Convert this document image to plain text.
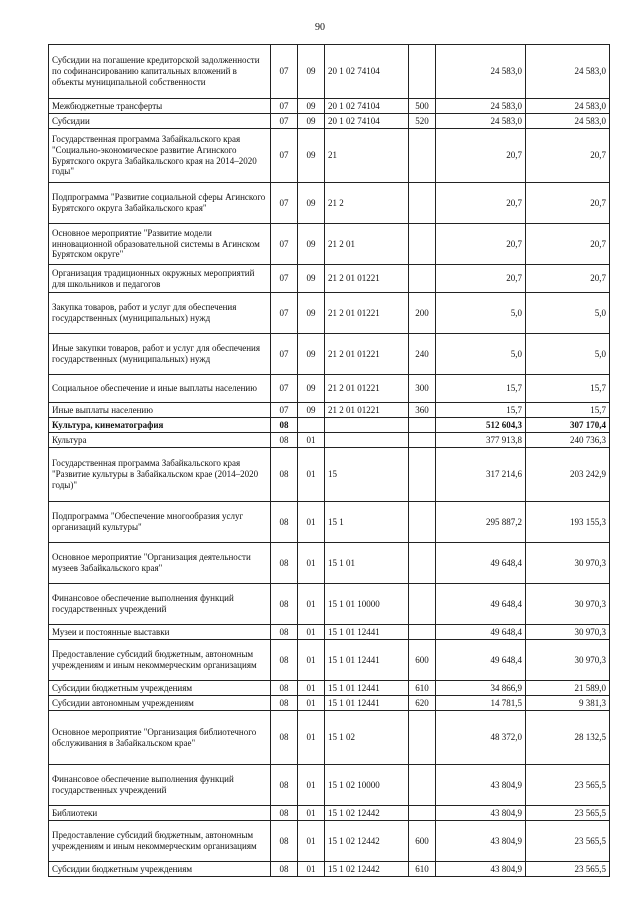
90
Субсидии на погашение кредиторской задолженности по софинансированию капитальных вложений в объекты муниципальной собственности	07	09	20 1 02 74104		24 583,0	24 583,0
Межбюджетные трансферты	07	09	20 1 02 74104	500	24 583,0	24 583,0
Субсидии	07	09	20 1 02 74104	520	24 583,0	24 583,0
Государственная программа Забайкальского края "Социально-экономическое развитие Агинского Бурятского округа Забайкальского края на 2014–2020 годы"	07	09	21		20,7	20,7
Подпрограмма "Развитие социальной сферы Агинского Бурятского округа Забайкальского края"	07	09	21 2		20,7	20,7
Основное мероприятие "Развитие модели инновационной образовательной системы в Агинском Бурятском округе"	07	09	21 2 01		20,7	20,7
Организация традиционных окружных мероприятий для школьников и педагогов	07	09	21 2 01 01221		20,7	20,7
Закупка товаров, работ и услуг для обеспечения государственных (муниципальных) нужд	07	09	21 2 01 01221	200	5,0	5,0
Иные закупки товаров, работ и услуг для обеспечения государственных (муниципальных) нужд	07	09	21 2 01 01221	240	5,0	5,0
Социальное обеспечение и иные выплаты населению	07	09	21 2 01 01221	300	15,7	15,7
Иные выплаты населению	07	09	21 2 01 01221	360	15,7	15,7
Культура, кинематография	08				512 604,3	307 170,4
Культура	08	01			377 913,8	240 736,3
Государственная программа Забайкальского края "Развитие культуры в Забайкальском крае (2014–2020 годы)"	08	01	15		317 214,6	203 242,9
Подпрограмма "Обеспечение многообразия услуг организаций культуры"	08	01	15 1		295 887,2	193 155,3
Основное мероприятие "Организация деятельности музеев Забайкальского края"	08	01	15 1 01		49 648,4	30 970,3
Финансовое обеспечение выполнения функций государственных учреждений	08	01	15 1 01 10000		49 648,4	30 970,3
Музеи и постоянные выставки	08	01	15 1 01 12441		49 648,4	30 970,3
Предоставление субсидий бюджетным, автономным учреждениям и иным некоммерческим организациям	08	01	15 1 01 12441	600	49 648,4	30 970,3
Субсидии бюджетным учреждениям	08	01	15 1 01 12441	610	34 866,9	21 589,0
Субсидии автономным учреждениям	08	01	15 1 01 12441	620	14 781,5	9 381,3
Основное мероприятие "Организация библиотечного обслуживания в Забайкальском крае"	08	01	15 1 02		48 372,0	28 132,5
Финансовое обеспечение выполнения функций государственных учреждений	08	01	15 1 02 10000		43 804,9	23 565,5
Библиотеки	08	01	15 1 02 12442		43 804,9	23 565,5
Предоставление субсидий бюджетным, автономным учреждениям и иным некоммерческим организациям	08	01	15 1 02 12442	600	43 804,9	23 565,5
Субсидии бюджетным учреждениям	08	01	15 1 02 12442	610	43 804,9	23 565,5
